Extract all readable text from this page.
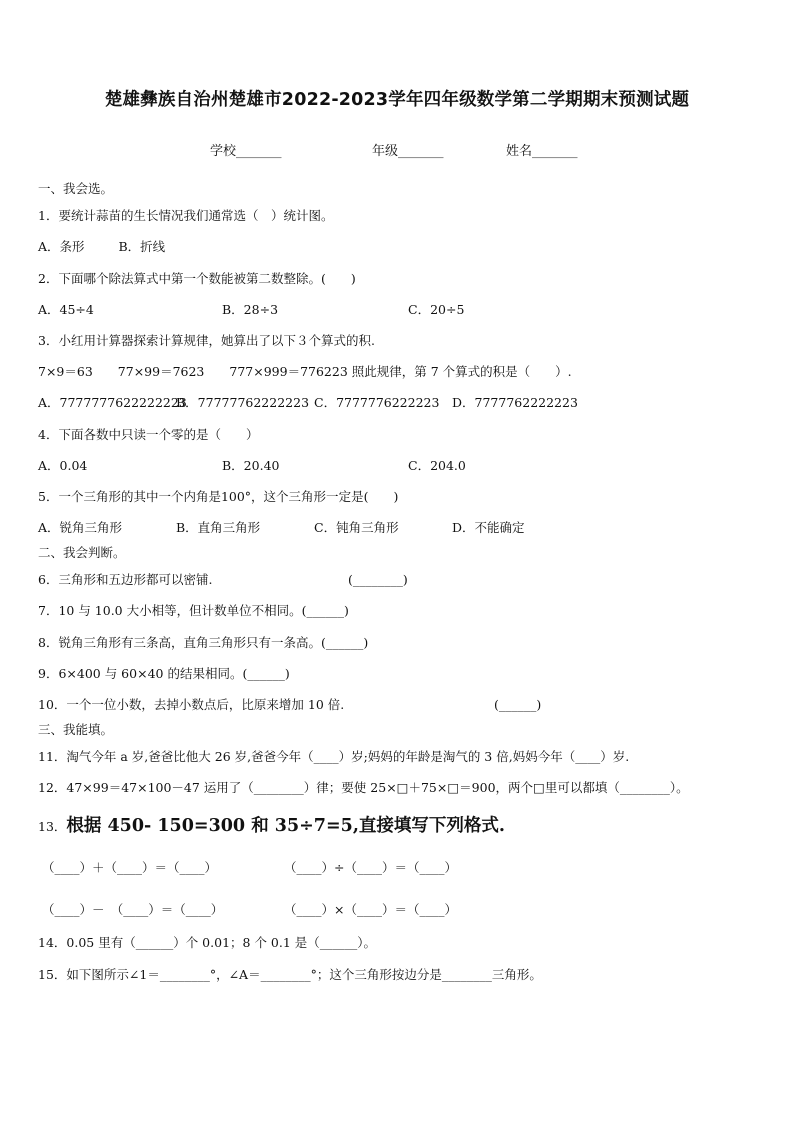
楚雄彝族自治州楚雄市2022-2023学年四年级数学第二学期期末预测试题
学校_______	年级_______	姓名_______
一、我会选。
1．要统计蒜苗的生长情况我们通常选（　）统计图。
A．条形	B．折线
2．下面哪个除法算式中第一个数能被第二数整除。(　　)
A．45÷4	B．28÷3	C．20÷5
3．小红用计算器探索计算规律，她算出了以下３个算式的积.
7×9＝63　　77×99＝7623　　777×999＝776223 照此规律，第 7 个算式的积是（　　）.
A．7777777622222223B．77777762222223 C．7777776222223 D．7777762222223
4．下面各数中只读一个零的是（　　）
A．0.04	B．20.40	C．204.0
5．一个三角形的其中一个内角是100°，这个三角形一定是(　　)
A．锐角三角形	B．直角三角形	C．钝角三角形	D．不能确定
二、我会判断。
6．三角形和五边形都可以密铺.	(________)
7．10 与 10.0 大小相等，但计数单位不相同。(______)
8．锐角三角形有三条高，直角三角形只有一条高。(______)
9．6×400 与 60×40 的结果相同。(______)
10．一个一位小数，去掉小数点后，比原来增加 10 倍.	(______)
三、我能填。
11．淘气今年 a 岁,爸爸比他大 26 岁,爸爸今年（____）岁;妈妈的年龄是淘气的 3 倍,妈妈今年（____）岁.
12．47×99＝47×100－47 运用了（________）律；要使 25×□＋75×□＝900，两个□里可以都填（________）。
13．根据 450- 150=300 和 35÷7=5,直接填写下列格式.
（____）＋（____）＝（____）	（____）÷（____）＝（____）
（____）－　（____）＝（____）	（____）×（____）＝（____）
14．0.05 里有（______）个 0.01；8 个 0.1 是（______）。
15．如下图所示∠1＝________°，∠A＝________°；这个三角形按边分是________三角形。
